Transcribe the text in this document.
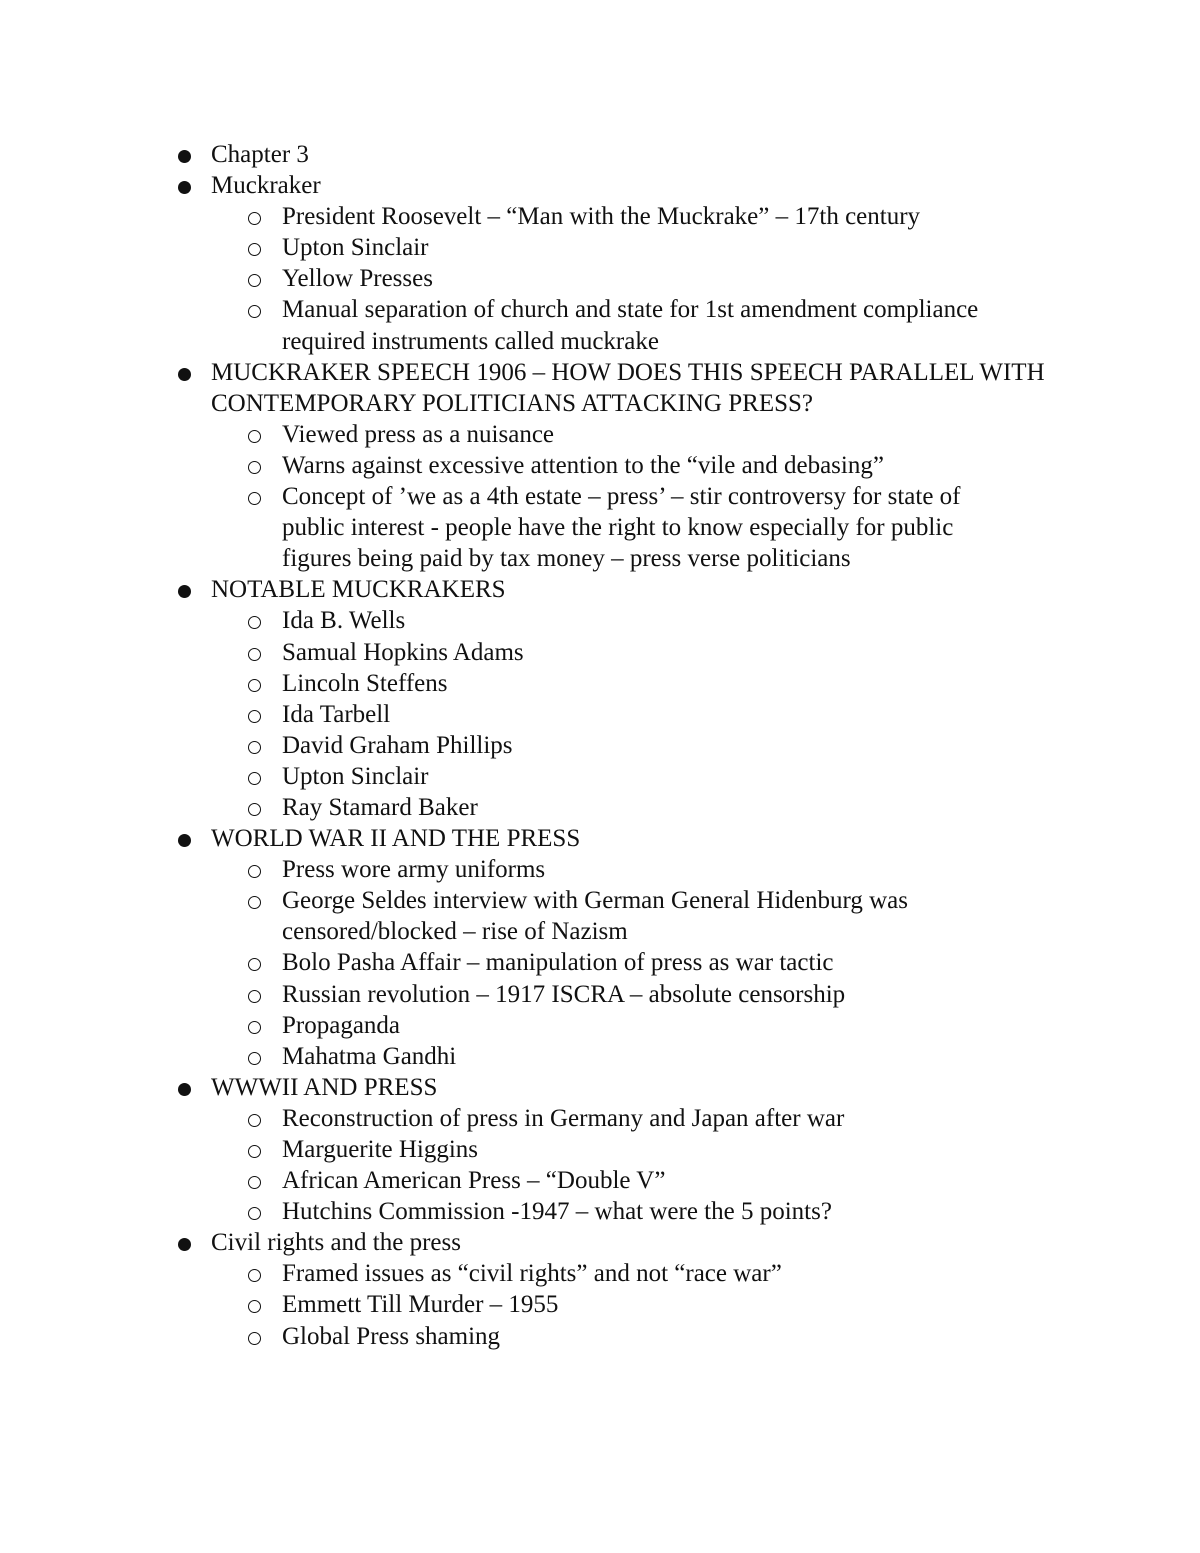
Chapter 3
Muckraker
President Roosevelt – “Man with the Muckrake” – 17th century
Upton Sinclair
Yellow Presses
Manual separation of church and state for 1st amendment compliance
required instruments called muckrake
MUCKRAKER SPEECH 1906 – HOW DOES THIS SPEECH PARALLEL WITH
CONTEMPORARY POLITICIANS ATTACKING PRESS?
Viewed press as a nuisance
Warns against excessive attention to the “vile and debasing”
Concept of ’we as a 4th estate – press’ – stir controversy for state of
public interest - people have the right to know especially for public
figures being paid by tax money – press verse politicians
NOTABLE MUCKRAKERS
Ida B. Wells
Samual Hopkins Adams
Lincoln Steffens
Ida Tarbell
David Graham Phillips
Upton Sinclair
Ray Stamard Baker
WORLD WAR II AND THE PRESS
Press wore army uniforms
George Seldes interview with German General Hidenburg was
censored/blocked – rise of Nazism
Bolo Pasha Affair – manipulation of press as war tactic
Russian revolution – 1917 ISCRA – absolute censorship
Propaganda
Mahatma Gandhi
WWWII AND PRESS
Reconstruction of press in Germany and Japan after war
Marguerite Higgins
African American Press – “Double V”
Hutchins Commission -1947 – what were the 5 points?
Civil rights and the press
Framed issues as “civil rights” and not “race war”
Emmett Till Murder – 1955
Global Press shaming
